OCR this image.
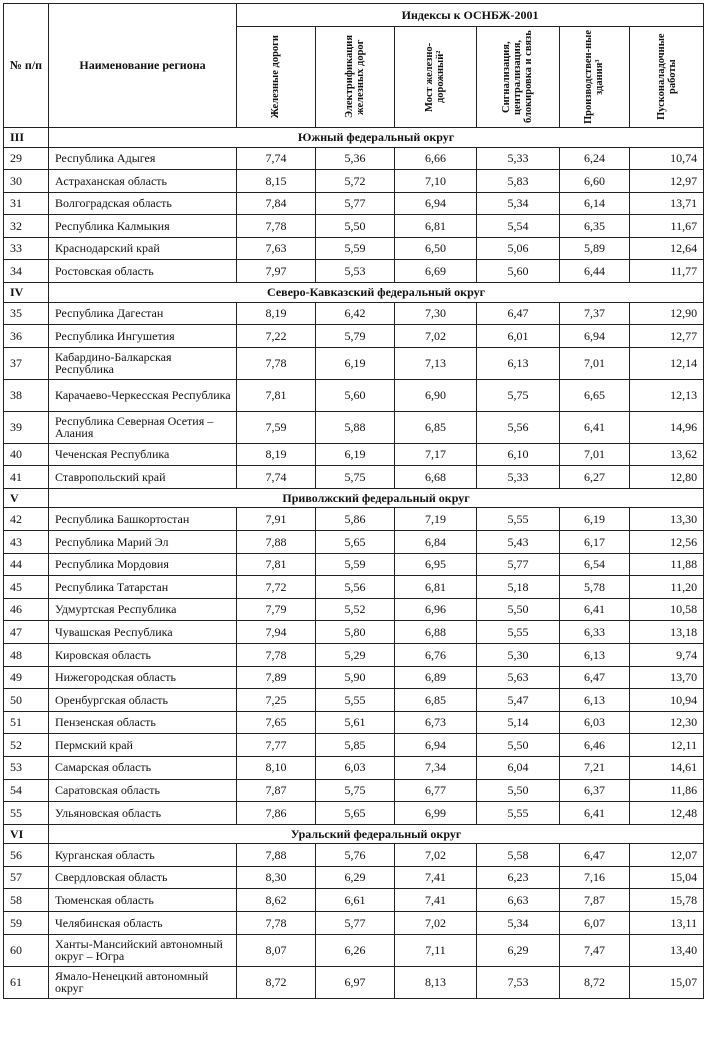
№ п/п	Наименование региона	Индексы к ОСНБЖ-2001					

		Железные дороги	Электрификация железных дорог	Мост железно-дорожный²	Сигнализация, централизация, блокировка и связь	Производствен-ные здания³	Пусконаладочные работы

III	Южный федеральный округ						
29	Республика Адыгея	7,74	5,36	6,66	5,33	6,24	10,74
30	Астраханская область	8,15	5,72	7,10	5,83	6,60	12,97
31	Волгоградская область	7,84	5,77	6,94	5,34	6,14	13,71
32	Республика Калмыкия	7,78	5,50	6,81	5,54	6,35	11,67
33	Краснодарский край	7,63	5,59	6,50	5,06	5,89	12,64
34	Ростовская область	7,97	5,53	6,69	5,60	6,44	11,77
IV	Северо-Кавказский федеральный округ						
35	Республика Дагестан	8,19	6,42	7,30	6,47	7,37	12,90
36	Республика Ингушетия	7,22	5,79	7,02	6,01	6,94	12,77
37	Кабардино-Балкарская Республика	7,78	6,19	7,13	6,13	7,01	12,14
38	Карачаево-Черкесская Республика	7,81	5,60	6,90	5,75	6,65	12,13
39	Республика Северная Осетия – Алания	7,59	5,88	6,85	5,56	6,41	14,96
40	Чеченская Республика	8,19	6,19	7,17	6,10	7,01	13,62
41	Ставропольский край	7,74	5,75	6,68	5,33	6,27	12,80
V	Приволжский федеральный округ						
42	Республика Башкортостан	7,91	5,86	7,19	5,55	6,19	13,30
43	Республика Марий Эл	7,88	5,65	6,84	5,43	6,17	12,56
44	Республика Мордовия	7,81	5,59	6,95	5,77	6,54	11,88
45	Республика Татарстан	7,72	5,56	6,81	5,18	5,78	11,20
46	Удмуртская Республика	7,79	5,52	6,96	5,50	6,41	10,58
47	Чувашская Республика	7,94	5,80	6,88	5,55	6,33	13,18
48	Кировская область	7,78	5,29	6,76	5,30	6,13	9,74
49	Нижегородская область	7,89	5,90	6,89	5,63	6,47	13,70
50	Оренбургская область	7,25	5,55	6,85	5,47	6,13	10,94
51	Пензенская область	7,65	5,61	6,73	5,14	6,03	12,30
52	Пермский край	7,77	5,85	6,94	5,50	6,46	12,11
53	Самарская область	8,10	6,03	7,34	6,04	7,21	14,61
54	Саратовская область	7,87	5,75	6,77	5,50	6,37	11,86
55	Ульяновская область	7,86	5,65	6,99	5,55	6,41	12,48
VI	Уральский федеральный округ						
56	Курганская область	7,88	5,76	7,02	5,58	6,47	12,07
57	Свердловская область	8,30	6,29	7,41	6,23	7,16	15,04
58	Тюменская область	8,62	6,61	7,41	6,63	7,87	15,78
59	Челябинская область	7,78	5,77	7,02	5,34	6,07	13,11
60	Ханты-Мансийский автономный округ – Югра	8,07	6,26	7,11	6,29	7,47	13,40
61	Ямало-Ненецкий автономный округ	8,72	6,97	8,13	7,53	8,72	15,07
